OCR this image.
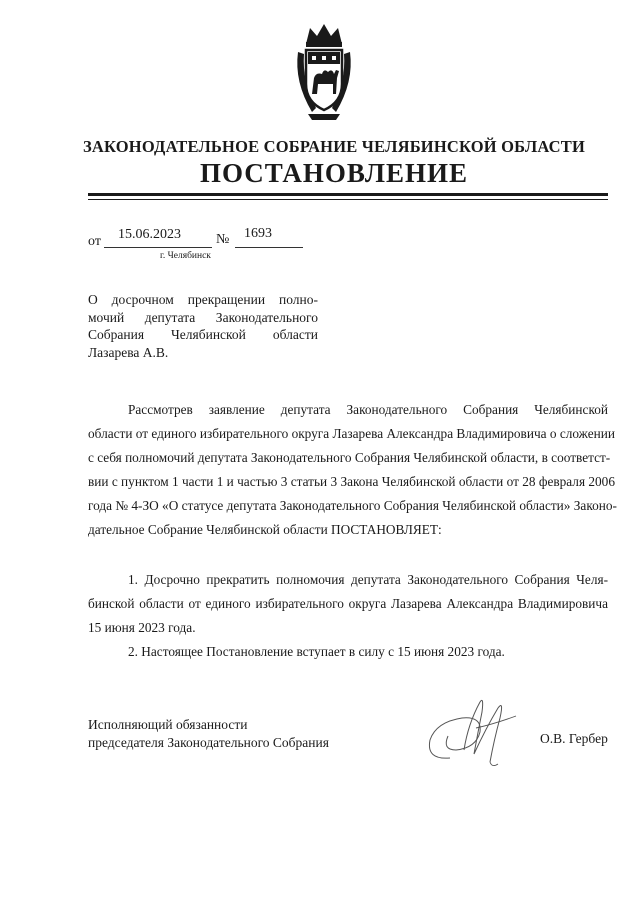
ЗАКОНОДАТЕЛЬНОЕ СОБРАНИЕ ЧЕЛЯБИНСКОЙ ОБЛАСТИ
ПОСТАНОВЛЕНИЕ
от 15.06.2023	№ 1693
г. Челябинск
О досрочном прекращении полно-
мочий депутата Законодательного
Собрания Челябинской области
Лазарева А.В.
Рассмотрев заявление депутата Законодательного Собрания Челябинской
области от единого избирательного округа Лазарева Александра Владимировича о сложении
с себя полномочий депутата Законодательного Собрания Челябинской области, в соответст-
вии с пунктом 1 части 1 и частью 3 статьи 3 Закона Челябинской области от 28 февраля 2006
года № 4-ЗО «О статусе депутата Законодательного Собрания Челябинской области» Законо-
дательное Собрание Челябинской области ПОСТАНОВЛЯЕТ:
1. Досрочно прекратить полномочия депутата Законодательного Собрания Челя-
бинской области от единого избирательного округа Лазарева Александра Владимировича
15 июня 2023 года.
2. Настоящее Постановление вступает в силу с 15 июня 2023 года.
Исполняющий обязанности
председателя Законодательного Собрания	О.В. Гербер
